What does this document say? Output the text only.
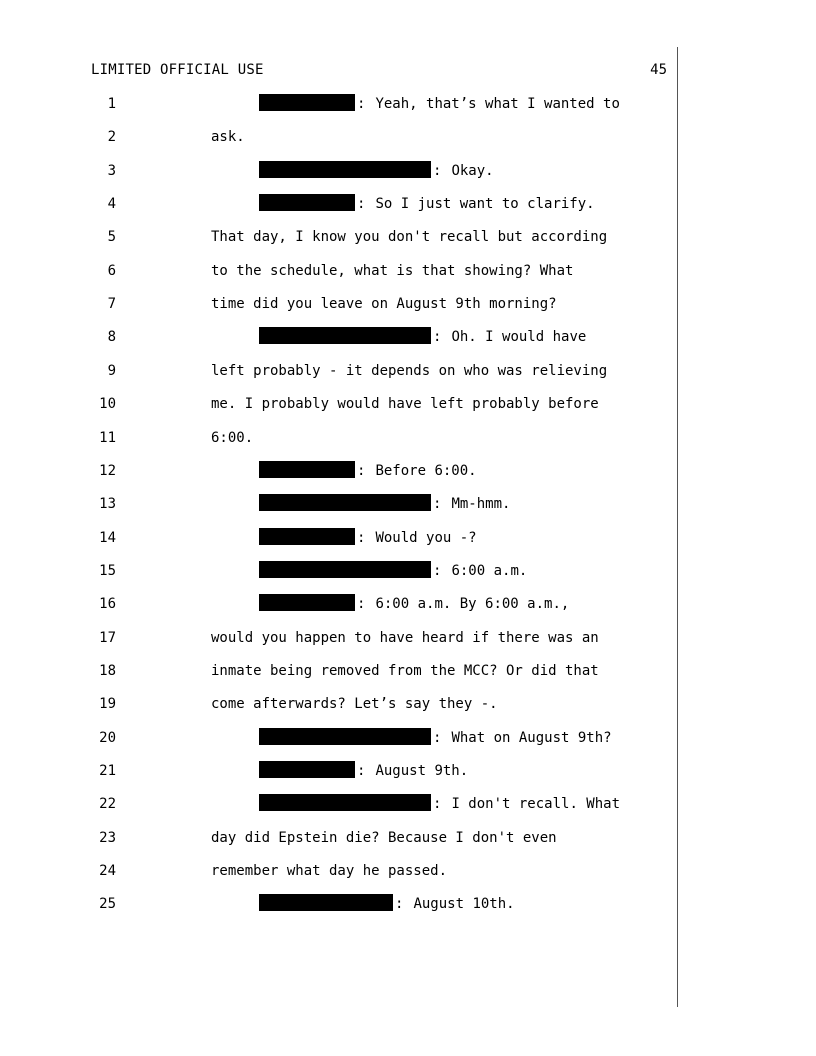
LIMITED OFFICIAL USE	45
1	: Yeah, that’s what I wanted to
2	ask.
3	: Okay.
4	: So I just want to clarify.
5	That day, I know you don't recall but according
6	to the schedule, what is that showing? What
7	time did you leave on August 9th morning?
8	: Oh. I would have
9	left probably - it depends on who was relieving
10	me. I probably would have left probably before
11	6:00.
12	: Before 6:00.
13	: Mm-hmm.
14	: Would you -?
15	: 6:00 a.m.
16	: 6:00 a.m. By 6:00 a.m.,
17	would you happen to have heard if there was an
18	inmate being removed from the MCC? Or did that
19	come afterwards? Let’s say they -.
20	: What on August 9th?
21	: August 9th.
22	: I don't recall. What
23	day did Epstein die? Because I don't even
24	remember what day he passed.
25	: August 10th.
